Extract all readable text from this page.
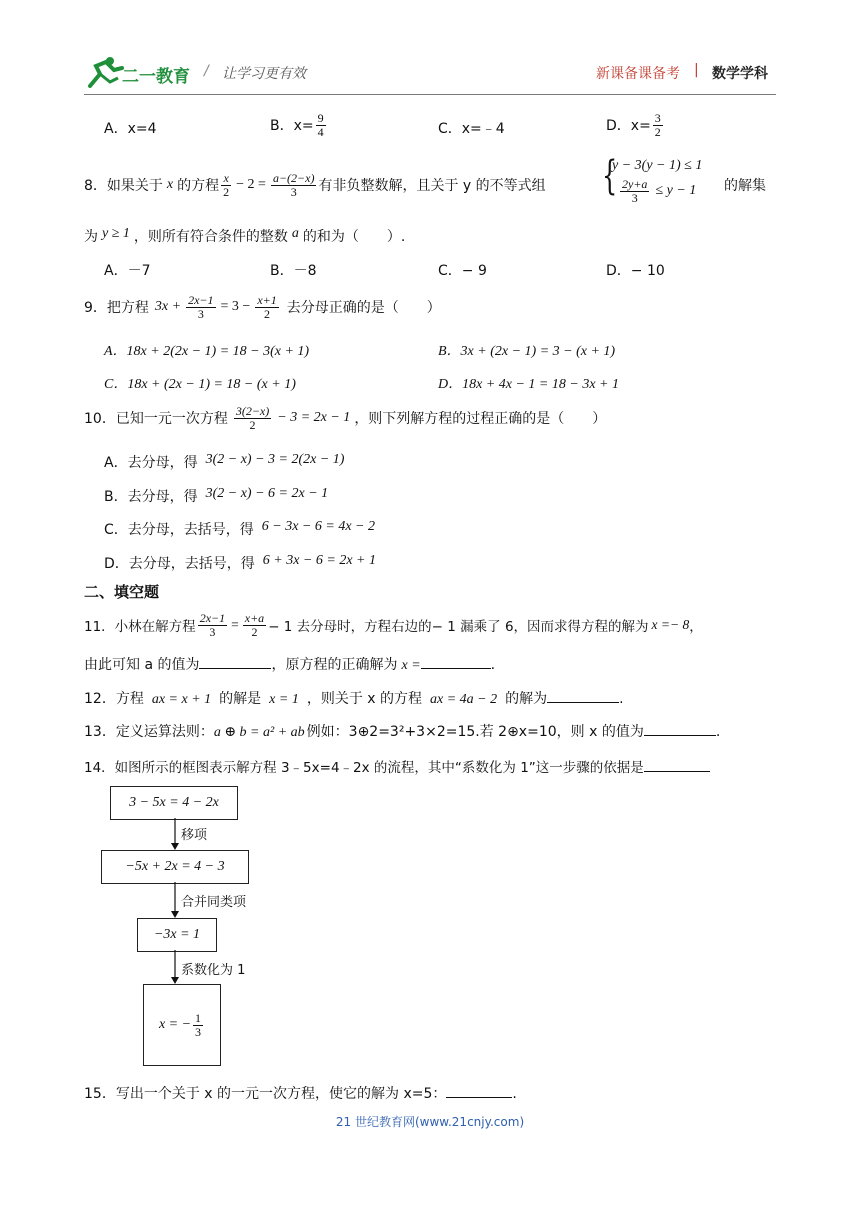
二一教育 / 让学习更有效	新课备课备考 | 数学学科
A．x=4	B．$x= \frac{9}{4}$	C．x=﹣4	D．$x= \frac{3}{2}$
8．如果关于 x 的方程 $\frac{x}{2} - 2 = \frac{a-(2-x)}{3}$ 有非负整数解，且关于 y 的不等式组 {
y − 3(y − 1) ≤ 1
$\frac{2y+a}{3} \le y - 1$ 的解集
为 y ≥ 1 ，则所有符合条件的整数 a 的和为（　　）.
A．－7	B．－8	C．− 9	D．− 10
9．把方程 $3x + \frac{2x-1}{3} = 3 - \frac{x+1}{2}$ 去分母正确的是（　　）
A．18x + 2(2x − 1) = 18 − 3(x + 1)	B．3x + (2x − 1) = 3 − (x + 1)
C．18x + (2x − 1) = 18 − (x + 1)	D．18x + 4x − 1 = 18 − 3x + 1
10．已知一元一次方程 $\frac{3(2-x)}{2} - 3 = 2x - 1$ ，则下列解方程的过程正确的是（　　）
A．去分母，得 3(2 − x) − 3 = 2(2x − 1)
B．去分母，得 3(2 − x) − 6 = 2x − 1
C．去分母，去括号，得 6 − 3x − 6 = 4x − 2
D．去分母，去括号，得 6 + 3x − 6 = 2x + 1
二、填空题
11．小林在解方程 $\frac{2x-1}{3} = \frac{x+a}{2} - 1$ 去分母时，方程右边的− 1 漏乘了 6，因而求得方程的解为 x =− 8 ，
由此可知 a 的值为	，原方程的正确解为 x =	.
12．方程 ax = x + 1 的解是 x = 1 ，则关于 x 的方程 ax = 4a − 2 的解为	.
13．定义运算法则： a ⊕ b = a² + ab 例如：3⊕2=3²+3×2=15.若 2⊕x=10，则 x 的值为	.
14．如图所示的框图表示解方程 3﹣5x=4﹣2x 的流程，其中“系数化为 1”这一步骤的依据是
3 − 5x = 4 − 2x
−5x + 2x = 4 − 3
−3x = 1
x = − $\frac{1}{3}$
移项
合并同类项
系数化为 1
15．写出一个关于 x 的一元一次方程，使它的解为 x=5：	.
21 世纪教育网(www.21cnjy.com)
